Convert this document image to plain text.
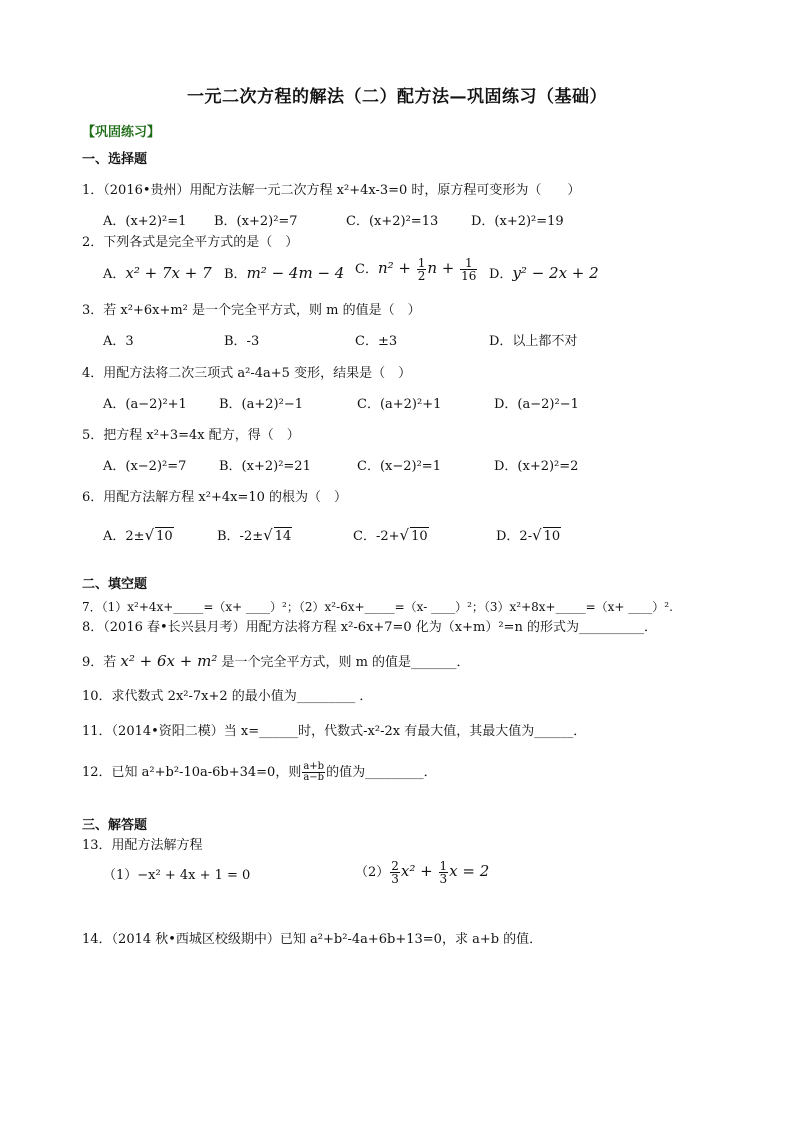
一元二次方程的解法（二）配方法—巩固练习（基础）
【巩固练习】
一、选择题
1．（2016•贵州）用配方法解一元二次方程 x²+4x-3=0 时，原方程可变形为（　　）
A．(x+2)²=1 B．(x+2)²=7	C．(x+2)²=13	D．(x+2)²=19
2．下列各式是完全平方式的是（　）
A．x² + 7x + 7 B．m² − 4m − 4 C．$n^2 + \frac{1}{2}$ $n + \frac{1}{16}$ D．y² − 2x + 2
3．若 x²+6x+m² 是一个完全平方式，则 m 的值是（　）
A．3	B．-3	C．±3	D．以上都不对
4．用配方法将二次三项式 a²-4a+5 变形，结果是（　）
A．(a−2)²+1 B．(a+2)²−1	C．(a+2)²+1	D．(a−2)²−1
5．把方程 x²+3=4x 配方，得（　）
A．(x−2)²=7	B．(x+2)²=21	C．(x−2)²=1	D．(x+2)²=2
6．用配方法解方程 x²+4x=10 的根为（　）
A．2±√ 10	B．-2±√ 14	C．-2+√ 10	D．2-√ 10
二、填空题
7．（1）x²+4x+_____=（x+ ____）²；（2）x²-6x+_____=（x- ____）²；（3）x²+8x+_____=（x+ ____）².
8．（2016 春•长兴县月考）用配方法将方程 x²-6x+7=0 化为（x+m）²=n 的形式为__________．
9．若 x² + 6x + m² 是一个完全平方式，则 m 的值是_______．
10．求代数式 2x²-7x+2 的最小值为_________ ．
11．（2014•资阳二模）当 x=______时，代数式-x²-2x 有最大值，其最大值为______．
12．已知 a²+b²-10a-6b+34=0，则 $\frac{a+b}{a-b}$ 的值为_________．
三、解答题
13．用配方法解方程
（1）−x² + 4x + 1 = 0	$(2) \frac{2}{3} x^2 + \frac{1}{3}$ x = 2
14．（2014 秋•西城区校级期中）已知 a²+b²-4a+6b+13=0，求 a+b 的值．
